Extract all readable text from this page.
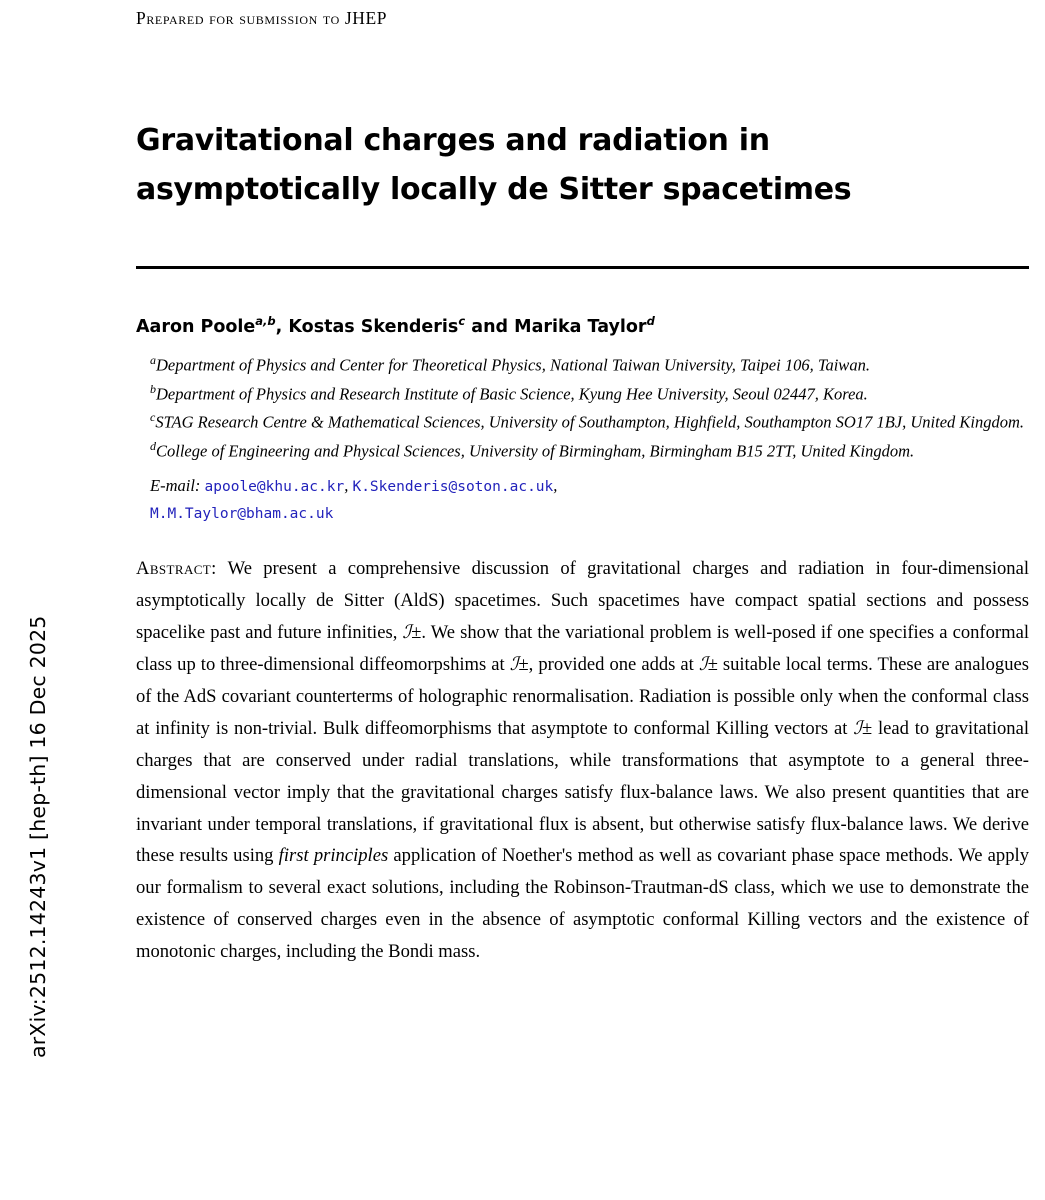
arXiv:2512.14243v1 [hep-th] 16 Dec 2025
Prepared for submission to JHEP
Gravitational charges and radiation in asymptotically locally de Sitter spacetimes
Aaron Poole$^{a,b}$, Kostas Skenderis$^c$ and Marika Taylor$^d$
$^a$Department of Physics and Center for Theoretical Physics, National Taiwan University, Taipei 106, Taiwan.
$^b$Department of Physics and Research Institute of Basic Science, Kyung Hee University, Seoul 02447, Korea.
$^c$STAG Research Centre & Mathematical Sciences, University of Southampton, Highfield, Southampton SO17 1BJ, United Kingdom.
$^d$College of Engineering and Physical Sciences, University of Birmingham, Birmingham B15 2TT, United Kingdom.
E-mail: apoole@khu.ac.kr, K.Skenderis@soton.ac.uk,
M.M.Taylor@bham.ac.uk
Abstract: We present a comprehensive discussion of gravitational charges and radiation in four-dimensional asymptotically locally de Sitter (AldS) spacetimes. Such spacetimes have compact spatial sections and possess spacelike past and future infinities, ℐ±. We show that the variational problem is well-posed if one specifies a conformal class up to three-dimensional diffeomorpshims at ℐ±, provided one adds at ℐ± suitable local terms. These are analogues of the AdS covariant counterterms of holographic renormalisation. Radiation is possible only when the conformal class at infinity is non-trivial. Bulk diffeomorphisms that asymptote to conformal Killing vectors at ℐ± lead to gravitational charges that are conserved under radial translations, while transformations that asymptote to a general three-dimensional vector imply that the gravitational charges satisfy flux-balance laws. We also present quantities that are invariant under temporal translations, if gravitational flux is absent, but otherwise satisfy flux-balance laws. We derive these results using first principles application of Noether's method as well as covariant phase space methods. We apply our formalism to several exact solutions, including the Robinson-Trautman-dS class, which we use to demonstrate the existence of conserved charges even in the absence of asymptotic conformal Killing vectors and the existence of monotonic charges, including the Bondi mass.
